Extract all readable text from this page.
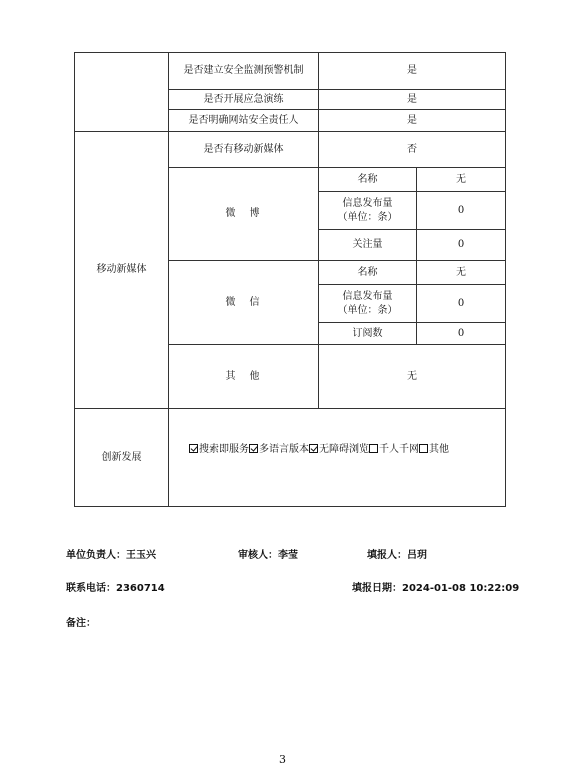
	是否建立安全监测预警机制	是	
	是否开展应急演练	是	
	是否明确网站安全责任人	是	
移动新媒体	是否有移动新媒体	否	
	微　博	名称	无

		信息发布量
（单位：条）	0
		关注量	0
	微　信	名称	无

		信息发布量
（单位：条）	0
		订阅数	0
	其　他	无	
创新发展	搜索即服务 多语言版本 无障碍浏览 千人千网 其他		
单位负责人：王玉兴	审核人：李莹	填报人：吕玥
联系电话：2360714	填报日期：2024-01-08 10:22:09
备注：
3
